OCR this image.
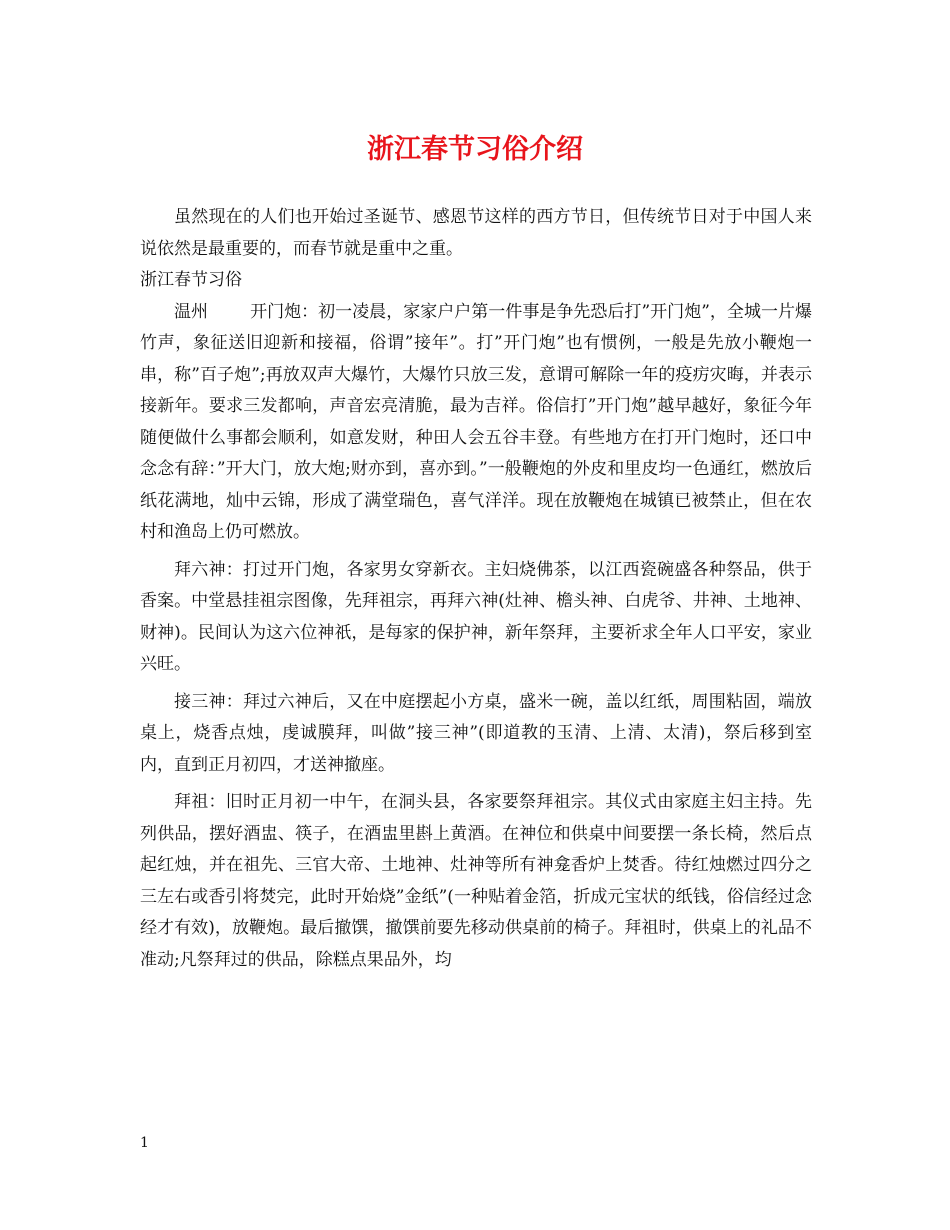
浙江春节习俗介绍

虽然现在的人们也开始过圣诞节、感恩节这样的西方节日，但传统节日对于中国人来说依然是最重要的，而春节就是重中之重。

浙江春节习俗

温州 开门炮：初一凌晨，家家户户第一件事是争先恐后打”开门炮”，全城一片爆竹声，象征送旧迎新和接福，俗谓”接年”。打”开门炮”也有惯例，一般是先放小鞭炮一串，称”百子炮”;再放双声大爆竹，大爆竹只放三发，意谓可解除一年的疫疠灾晦，并表示接新年。要求三发都响，声音宏亮清脆，最为吉祥。俗信打”开门炮”越早越好，象征今年随便做什么事都会顺利，如意发财，种田人会五谷丰登。有些地方在打开门炮时，还口中念念有辞：”开大门，放大炮;财亦到，喜亦到。”一般鞭炮的外皮和里皮均一色通红，燃放后纸花满地，灿中云锦，形成了满堂瑞色，喜气洋洋。现在放鞭炮在城镇已被禁止，但在农村和渔岛上仍可燃放。

拜六神：打过开门炮，各家男女穿新衣。主妇烧佛茶，以江西瓷碗盛各种祭品，供于香案。中堂悬挂祖宗图像，先拜祖宗，再拜六神(灶神、檐头神、白虎爷、井神、土地神、财神)。民间认为这六位神祇，是每家的保护神，新年祭拜，主要祈求全年人口平安，家业兴旺。

接三神：拜过六神后，又在中庭摆起小方桌，盛米一碗，盖以红纸，周围粘固，端放桌上，烧香点烛，虔诚膜拜，叫做”接三神”(即道教的玉清、上清、太清)，祭后移到室内，直到正月初四，才送神撤座。

拜祖：旧时正月初一中午，在洞头县，各家要祭拜祖宗。其仪式由家庭主妇主持。先列供品，摆好酒盅、筷子，在酒盅里斟上黄酒。在神位和供桌中间要摆一条长椅，然后点起红烛，并在祖先、三官大帝、土地神、灶神等所有神龛香炉上焚香。待红烛燃过四分之三左右或香引将焚完，此时开始烧”金纸”(一种贴着金箔，折成元宝状的纸钱，俗信经过念经才有效)，放鞭炮。最后撤馔，撤馔前要先移动供桌前的椅子。拜祖时，供桌上的礼品不准动;凡祭拜过的供品，除糕点果品外，均

1
